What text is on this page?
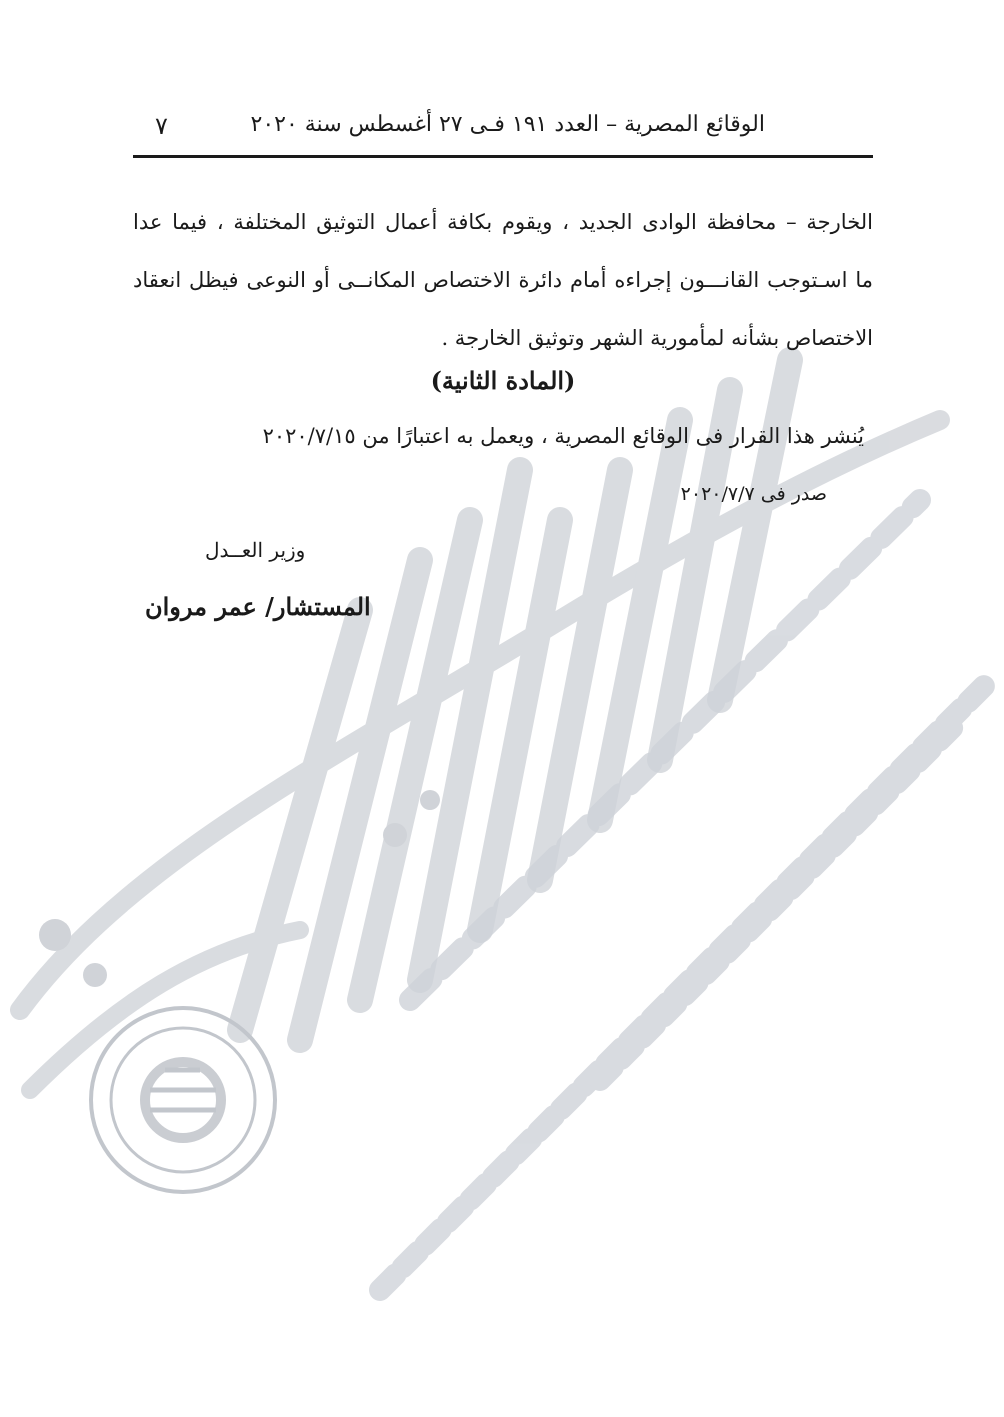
الوقائع المصرية – العدد ١٩١ فـى ٢٧ أغسطس سنة ٢٠٢٠
٧
الخارجة – محافظة الوادى الجديد ، ويقوم بكافة أعمال التوثيق المختلفة ، فيما عدا
ما اسـتوجب القانـــون إجراءه أمام دائرة الاختصاص المكانــى أو النوعى فيظل انعقاد
الاختصاص بشأنه لمأمورية الشهر وتوثيق الخارجة .
(المادة الثانية)
يُنشر هذا القرار فى الوقائع المصرية ، ويعمل به اعتبارًا من ٢٠٢٠/٧/١٥
صدر فى ٢٠٢٠/٧/٧
وزير العــدل
المستشار/ عمر مروان
